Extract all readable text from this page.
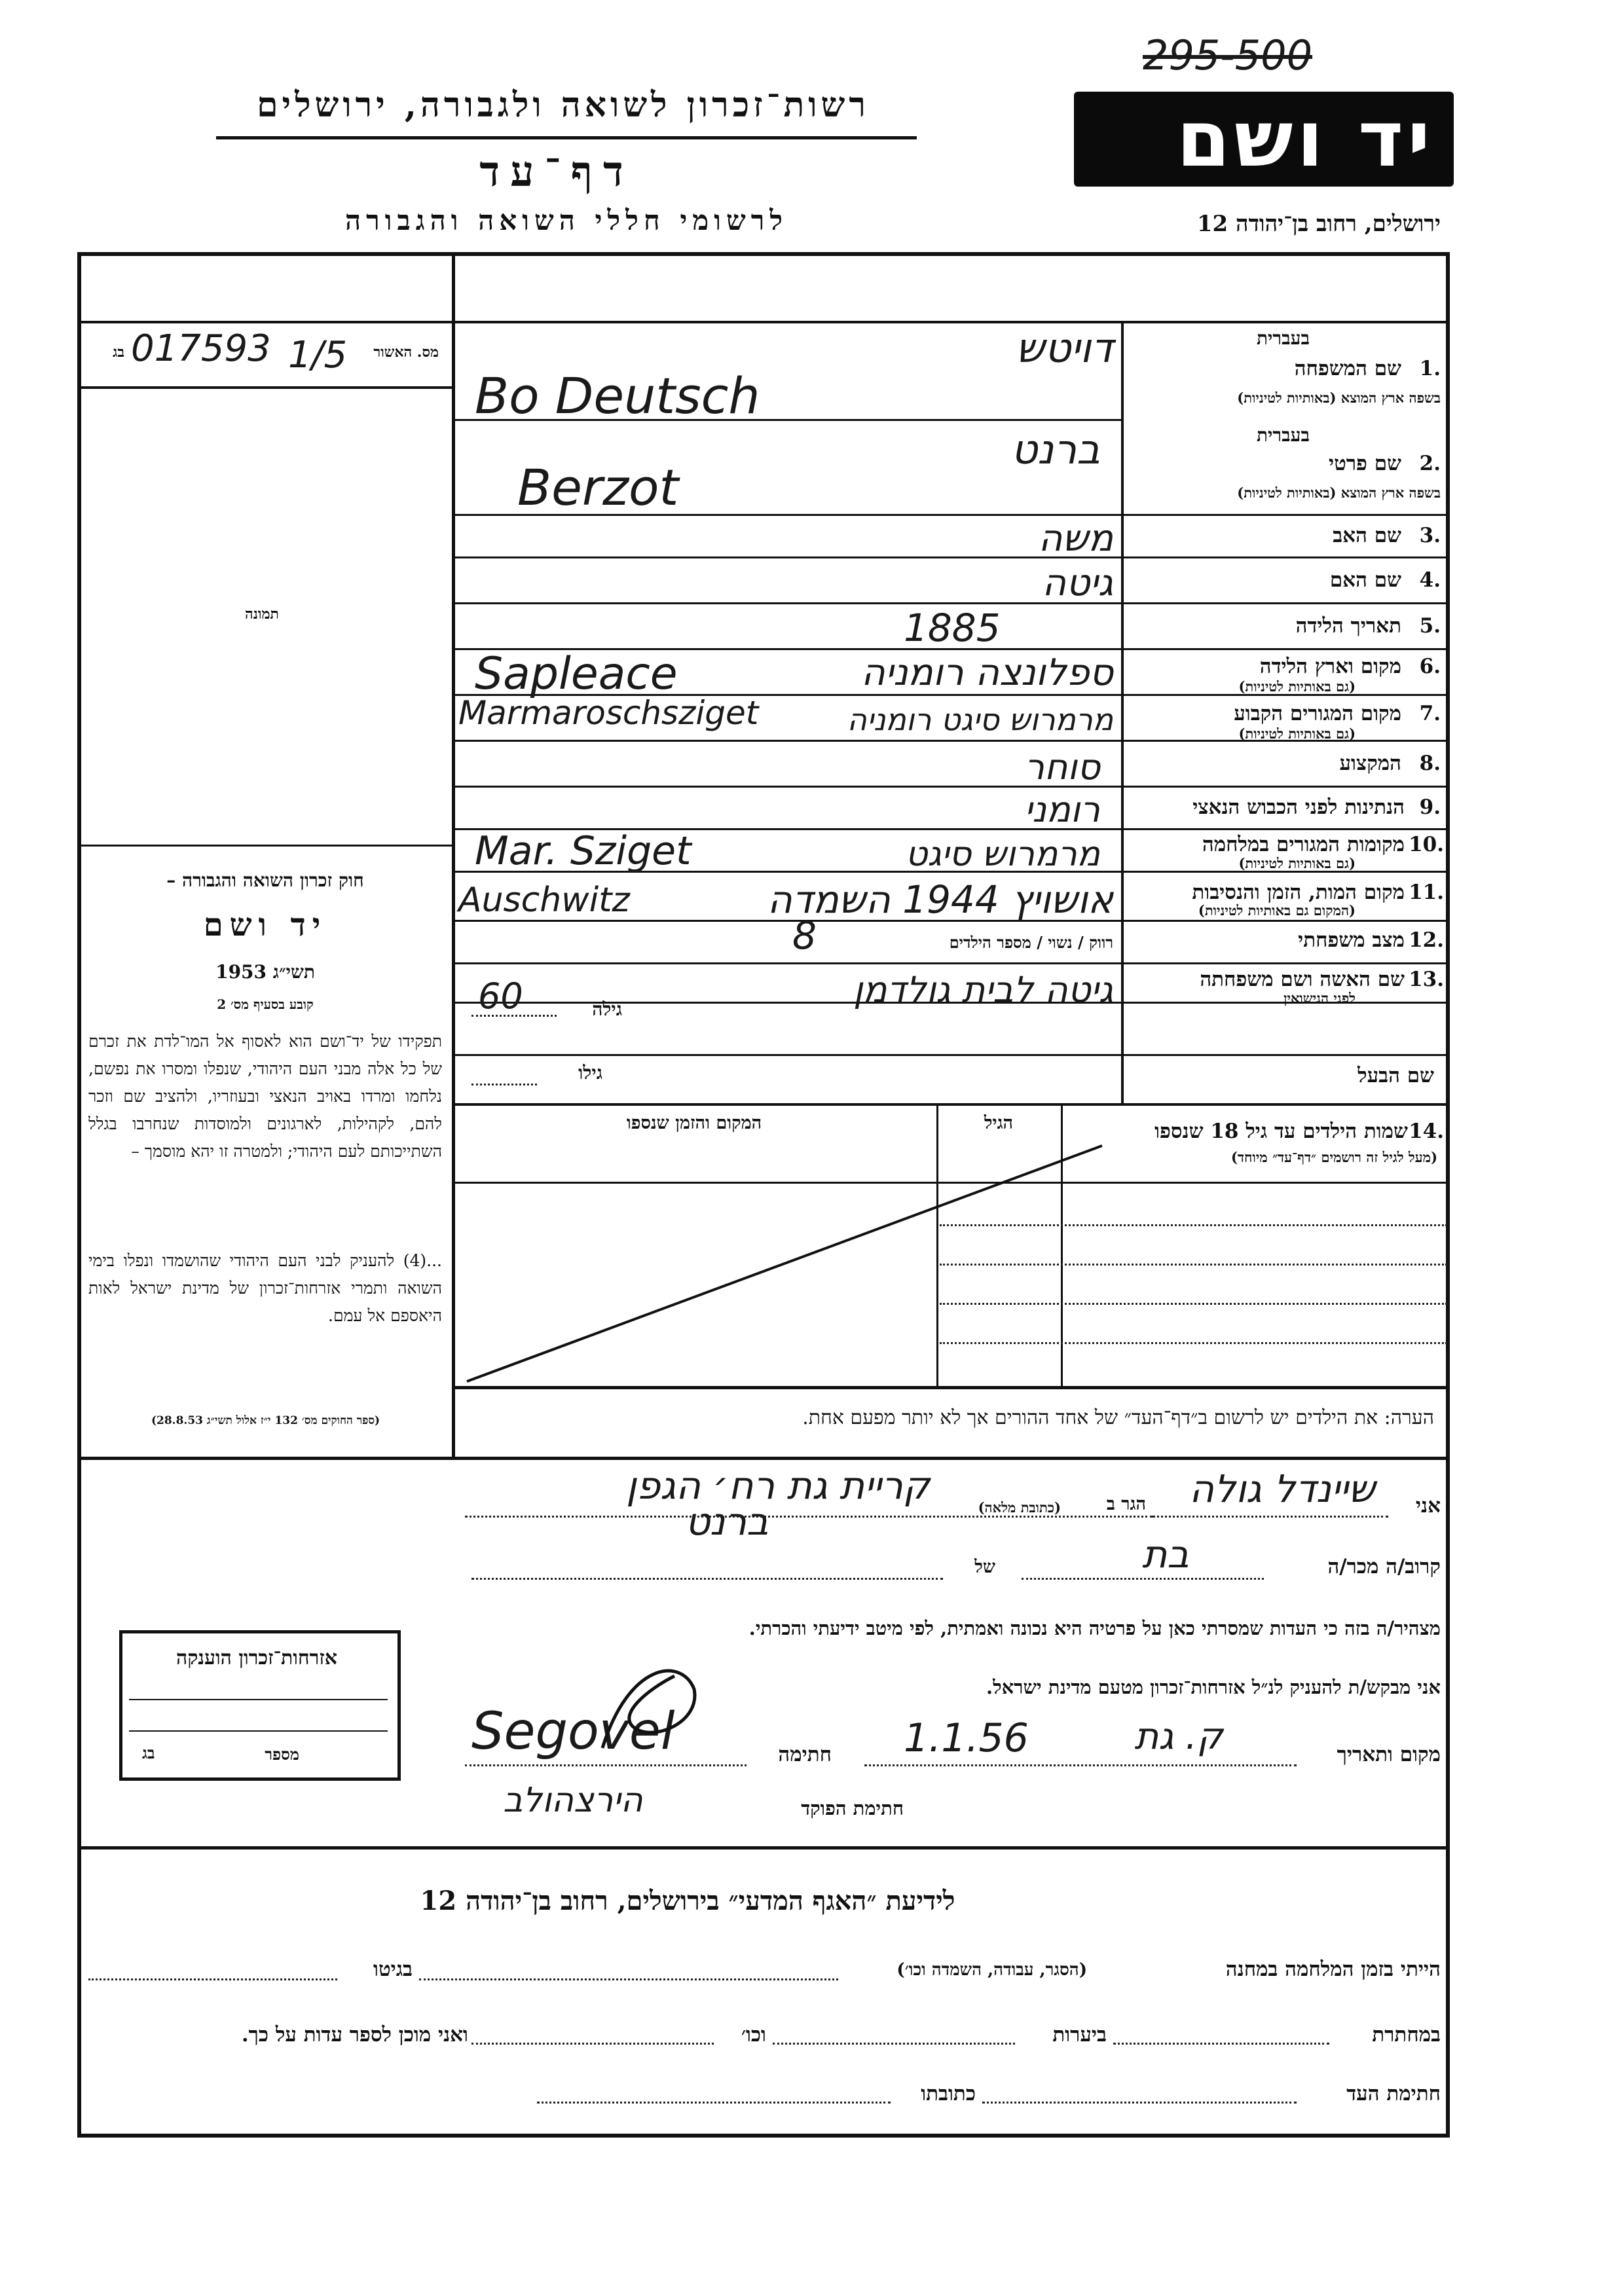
295-500
רשות־זכרון לשואה ולגבורה, ירושלים
דף־עד
לרשומי חללי השואה והגבורה
יד ושם
ירושלים, רחוב בן־יהודה 12
מס. האשור
בג 017593 1/5
תמונה
חוק זכרון השואה והגבורה –
יד ושם
תשי״ג 1953
קובע בסעיף מס׳ 2
תפקידו של יד־ושם הוא לאסוף אל המו־לדת את זכרם של כל אלה מבני העם היהודי, שנפלו ומסרו את נפשם, נלחמו ומרדו באויב הנאצי ובעוזריו, ולהציב שם וזכר להם, לקהילות, לארגונים ולמוסדות שנחרבו בגלל השתייכותם לעם היהודי; ולמטרה זו יהא מוסמך –
...(4) להעניק לבני העם היהודי שהושמדו ונפלו בימי השואה ותמרי אזרחות־זכרון של מדינת ישראל לאות היאספם אל עמם.
(ספר החוקים מס׳ 132 י״ז אלול תשי״ג 28.8.53)
בעברית
1.
שם המשפחה
בשפה ארץ המוצא (באותיות לטיניות)
דויטש
Bo Deutsch
בעברית
2.
שם פרטי
בשפה ארץ המוצא (באותיות לטיניות)
ברנט
Berzot
3.
שם האב
משה
4.
שם האם
גיטה
5.
תאריך הלידה
1885
6.
מקום וארץ הלידה
(גם באותיות לטיניות)
ספלונצה רומניה
Sapleace
7.
מקום המגורים הקבוע
(גם באותיות לטיניות)
מרמרוש סיגט רומניה
Marmaroschsziget
8.
המקצוע
סוחר
9.
הנתינות לפני הכבוש הנאצי
רומני
10.
מקומות המגורים במלחמה
(גם באותיות לטיניות)
מרמרוש סיגט
Mar. Sziget
11.
מקום המות, הזמן והנסיבות
(המקום גם באותיות לטיניות)
אושויץ 1944 השמדה
Auschwitz
12.
מצב משפחתי
רווק / נשוי / מספר הילדים
8
13.
שם האשה ושם משפחתה
לפני הנישואין
גיטה לבית גולדמן
גילה
60
שם הבעל
גילו
14.
שמות הילדים עד גיל 18 שנספו
(מעל לגיל זה רושמים ״דף־עד״ מיוחד)
הגיל
המקום והזמן שנספו
הערה: את הילדים יש לרשום ב״דף־העד״ של אחד ההורים אך לא יותר מפעם אחת.
אני
שיינדל גולה
הגר ב
(כתובת מלאה)
קריית גת רח׳ הגפן
קרוב/ה מכר/ה
בת
של
ברנט
מצהיר/ה בזה כי העדות שמסרתי כאן על פרטיה היא נכונה ואמתית, לפי מיטב ידיעתי והכרתי.
אני מבקש/ת להעניק לנ״ל אזרחות־זכרון מטעם מדינת ישראל.
מקום ותאריך
ק. גת
1.1.56
חתימה
Segovel
חתימת הפוקד
הירצהולב
אזרחות־זכרון הוענקה
מספר
בג
לידיעת ״האגף המדעי״ בירושלים, רחוב בן־יהודה 12
הייתי בזמן המלחמה במחנה
(הסגר, עבודה, השמדה וכו׳)
בגיטו
במחתרת
ביערות
וכו׳
ואני מוכן לספר עדות על כך.
חתימת העד
כתובתו
